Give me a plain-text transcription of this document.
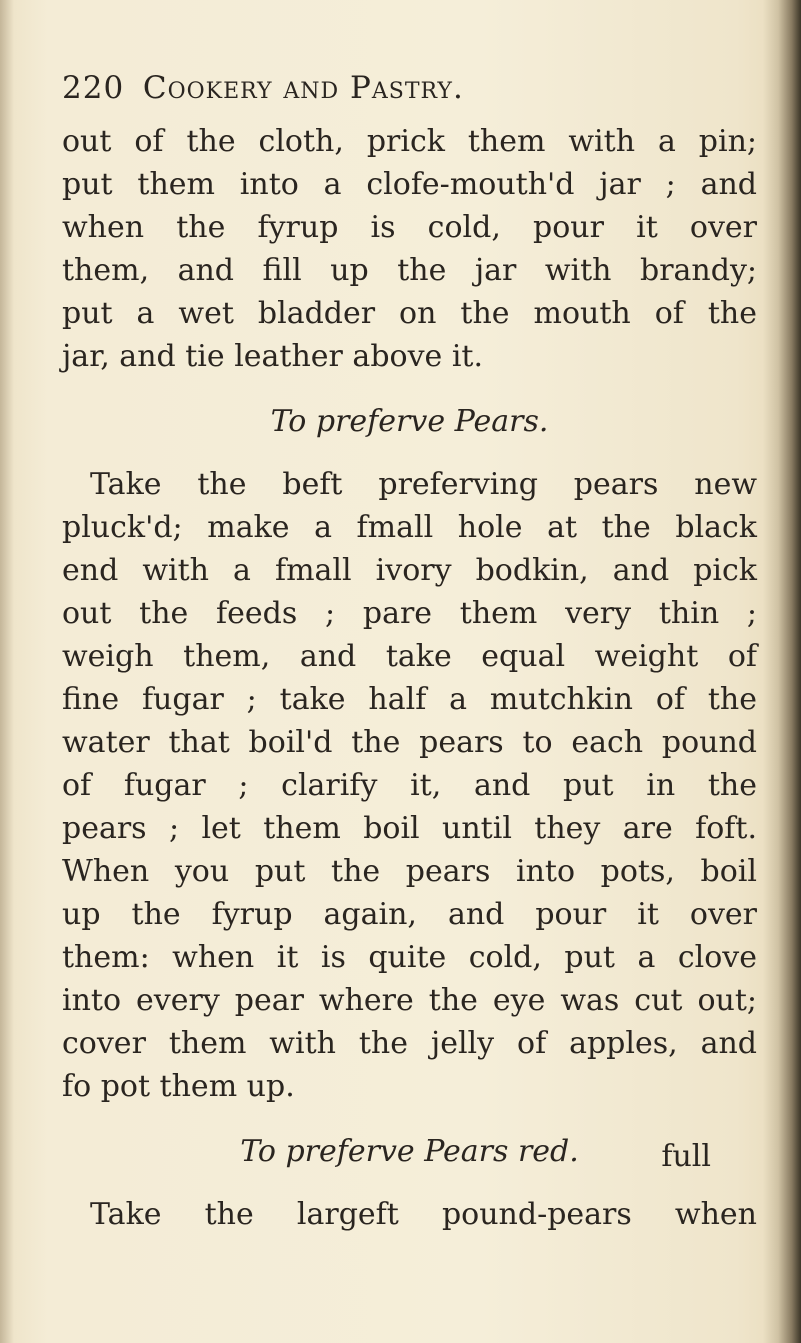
220 Cookery and Pastry.
out of the cloth, prick them with a pin;
put them into a clofe-mouth'd jar ; and
when the fyrup is cold, pour it over
them, and fill up the jar with brandy;
put a wet bladder on the mouth of the
jar, and tie leather above it.
To preferve Pears.
Take the beft preferving pears new
pluck'd; make a fmall hole at the black
end with a fmall ivory bodkin, and pick
out the feeds ; pare them very thin ;
weigh them, and take equal weight of
fine fugar ; take half a mutchkin of the
water that boil'd the pears to each pound
of fugar ; clarify it, and put in the
pears ; let them boil until they are foft.
When you put the pears into pots, boil
up the fyrup again, and pour it over
them: when it is quite cold, put a clove
into every pear where the eye was cut out;
cover them with the jelly of apples, and
fo pot them up.
To preferve Pears red.
Take the largeft pound-pears when
full
